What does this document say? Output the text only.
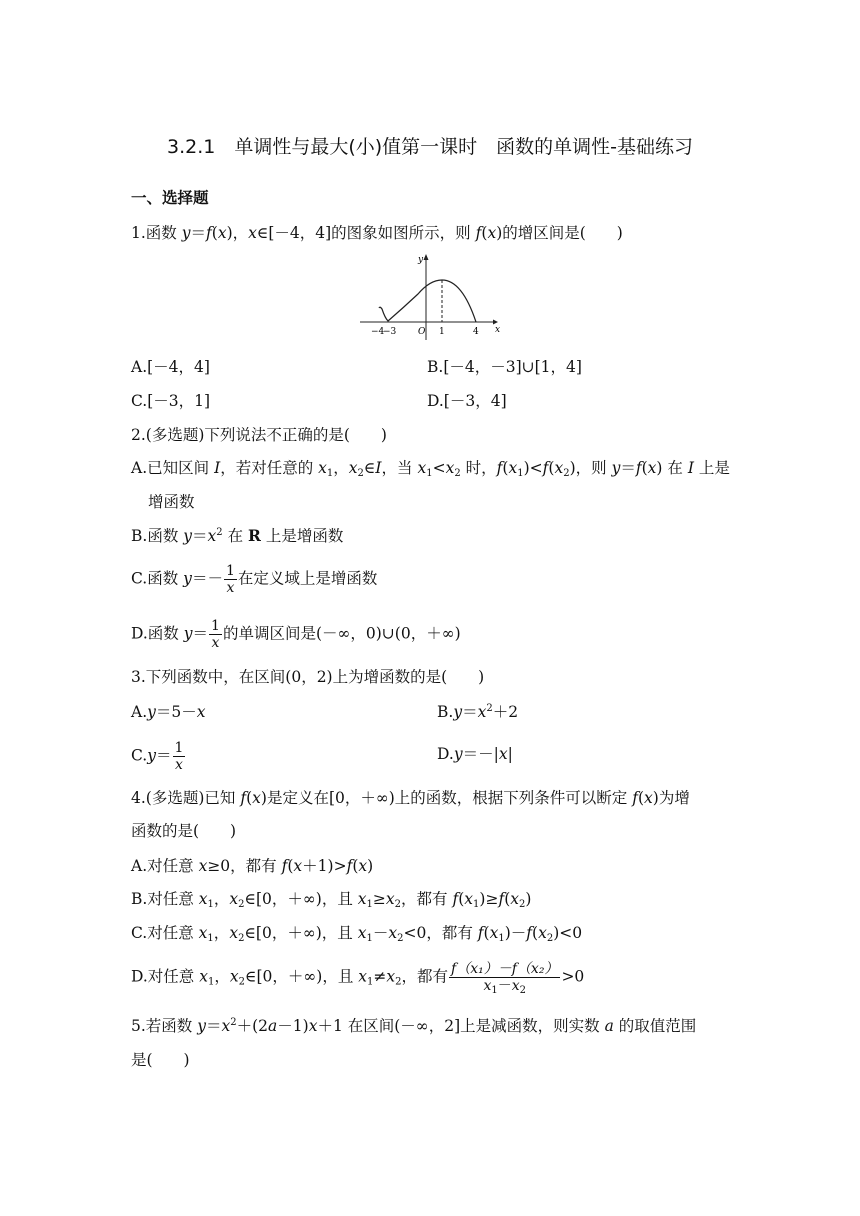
3.2.1　单调性与最大(小)值第一课时　函数的单调性-基础练习
一、选择题
1.函数 y＝f(x)，x∈[－4，4]的图象如图所示，则 f(x)的增区间是(　　)
y
x
O
−4
−3	1	4
A.[－4，4]	B.[－4，－3]∪[1，4]
C.[－3，1]	D.[－3，4]
2.(多选题)下列说法不正确的是(　　)
A.已知区间 I，若对任意的 $x_1$，$x_2\in I$，当 $x_1<x_2$ 时，$f(x_1)<f(x_2)$，则 y＝f(x) 在 I 上是
增函数
B.函数 $y=x^2$ 在 R 上是增函数
C.函数 $y=- \frac{1}{x}$ 在定义域上是增函数
D.函数 $y= \frac{1}{x}$ 的单调区间是(－∞，0)∪(0，＋∞)
3.下列函数中，在区间(0，2)上为增函数的是(　　)
A.y＝5－x	$B.y=x^2+2$
$C.y= \frac{1}{x}$	D.y＝－|x|
4.(多选题)已知 f(x)是定义在[0，＋∞)上的函数，根据下列条件可以断定 f(x)为增
函数的是(　　)
A.对任意 x≥0，都有 f(x＋1)>f(x)
B.对任意 $x_1$，$x_2\in[0$，＋∞)，且 $x_1\ge x_2$，都有 $f(x_1)\ge f(x_2)$
C.对任意 $x_1$，$x_2\in[0$，＋∞)，且 $x_1-x_2<0$，都有 $f(x_1)-f(x_2)<0$
D.对任意 $x_1$，$x_2\in[0$，＋∞)，且 $x_1\ne x_2$，都有 $\frac{\text{f（x₁）－f（x₂）}}{x_1-x_2} >0$
5.若函数 $y=x^2+(2a-1)x+1$ 在区间(－∞，2]上是减函数，则实数 a 的取值范围
是(　　)
